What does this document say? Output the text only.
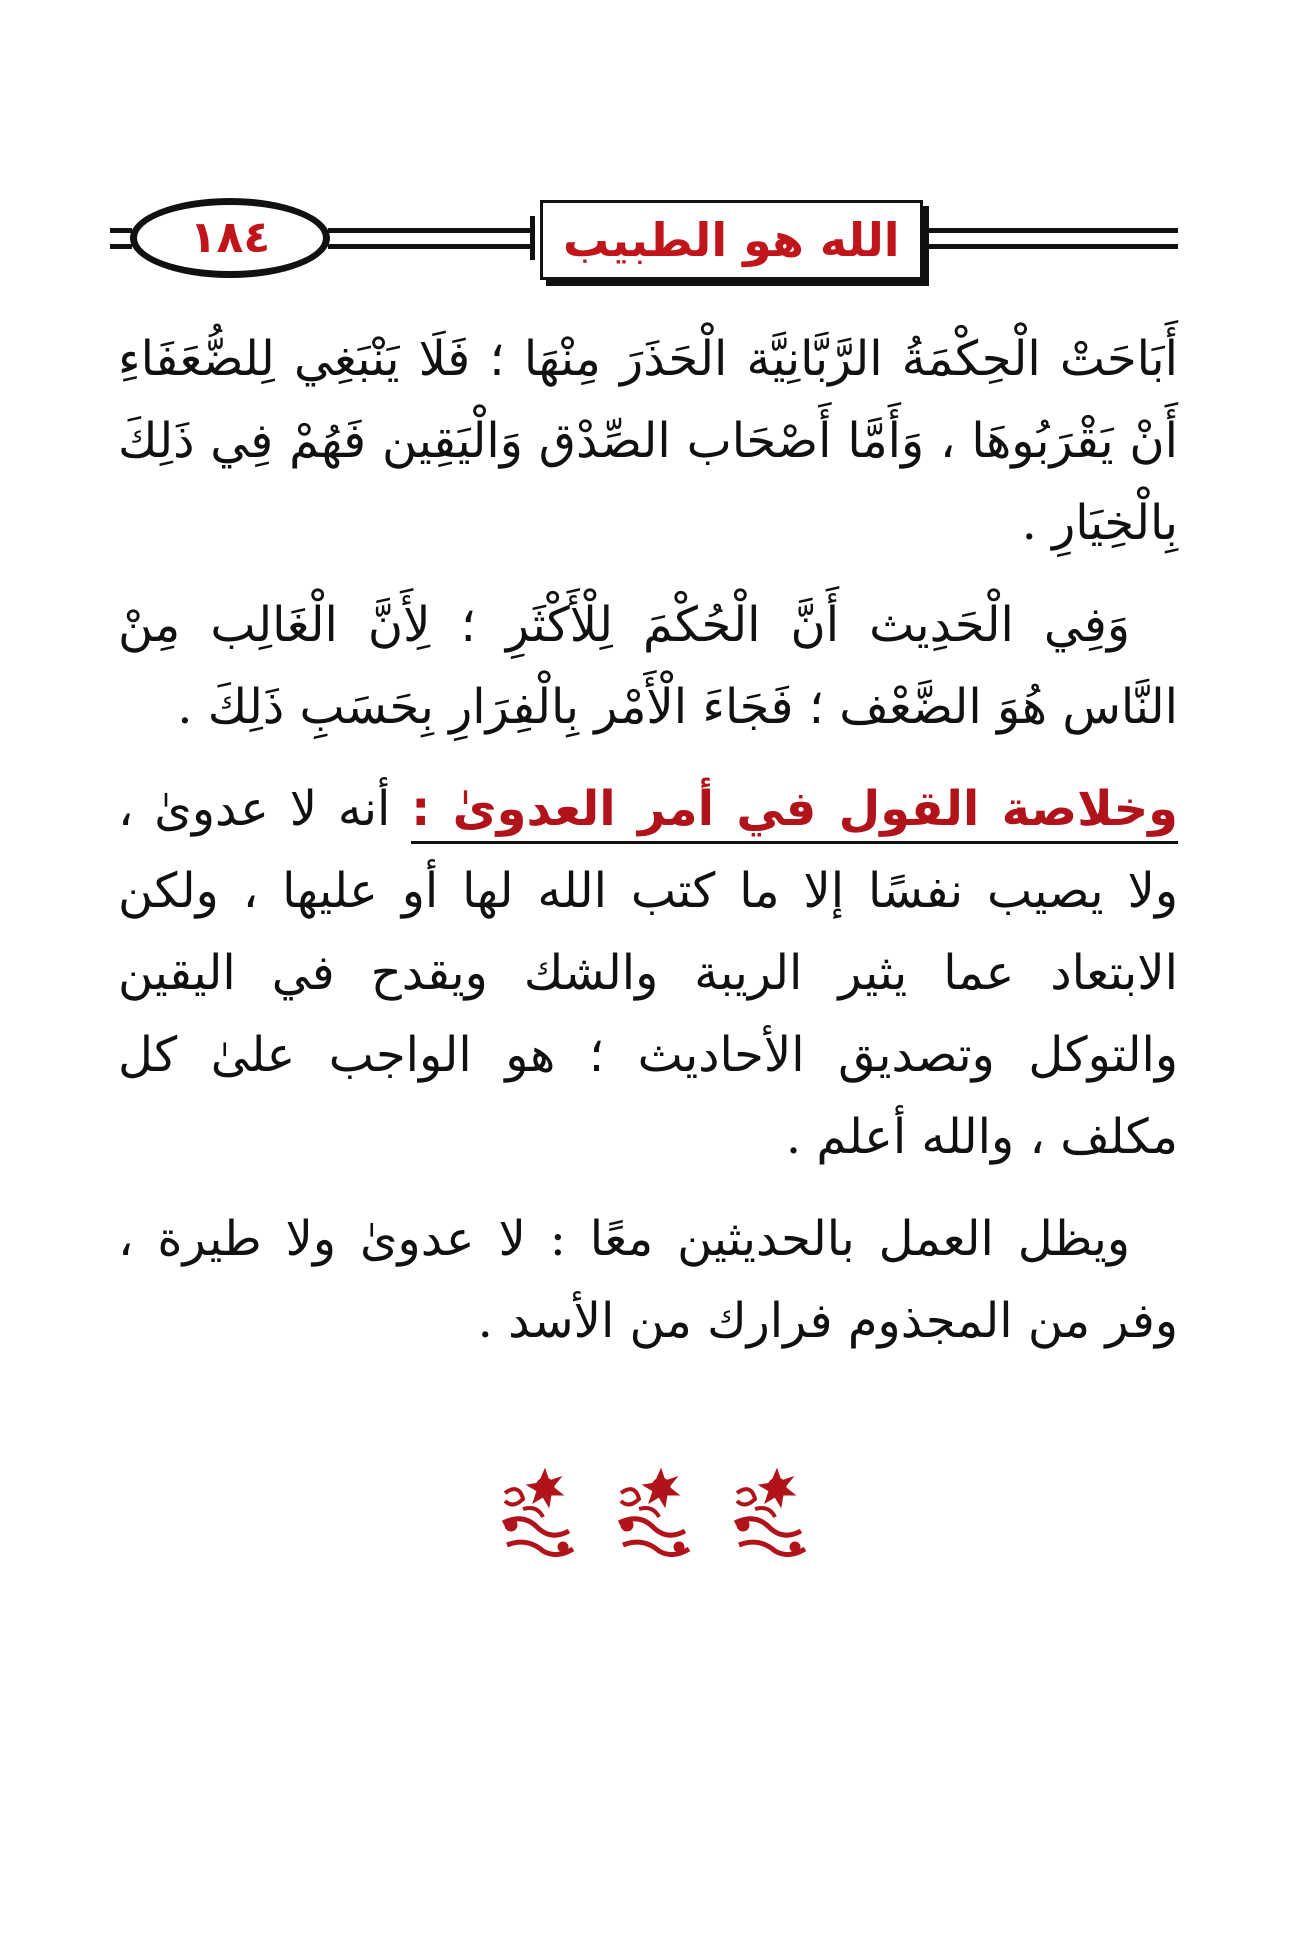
١٨٤	الله هو الطبيب

أَبَاحَتْ الْحِكْمَةُ الرَّبَّانِيَّة الْحَذَرَ مِنْهَا ؛ فَلَا يَنْبَغِي لِلضُّعَفَاءِ أَنْ يَقْرَبُوهَا ، وَأَمَّا أَصْحَاب الصِّدْق وَالْيَقِين فَهُمْ فِي ذَلِكَ بِالْخِيَارِ .

وَفِي الْحَدِيث أَنَّ الْحُكْمَ لِلْأَكْثَرِ ؛ لِأَنَّ الْغَالِب مِنْ النَّاس هُوَ الضَّعْف ؛ فَجَاءَ الْأَمْر بِالْفِرَارِ بِحَسَبِ ذَلِكَ .

وخلاصة القول في أمر العدوىٰ : أنه لا عدوىٰ ، ولا يصيب نفسًا إلا ما كتب الله لها أو عليها ، ولكن الابتعاد عما يثير الريبة والشك ويقدح في اليقين والتوكل وتصديق الأحاديث ؛ هو الواجب علىٰ كل مكلف ، والله أعلم .

ويظل العمل بالحديثين معًا : لا عدوىٰ ولا طيرة ، وفر من المجذوم فرارك من الأسد .
